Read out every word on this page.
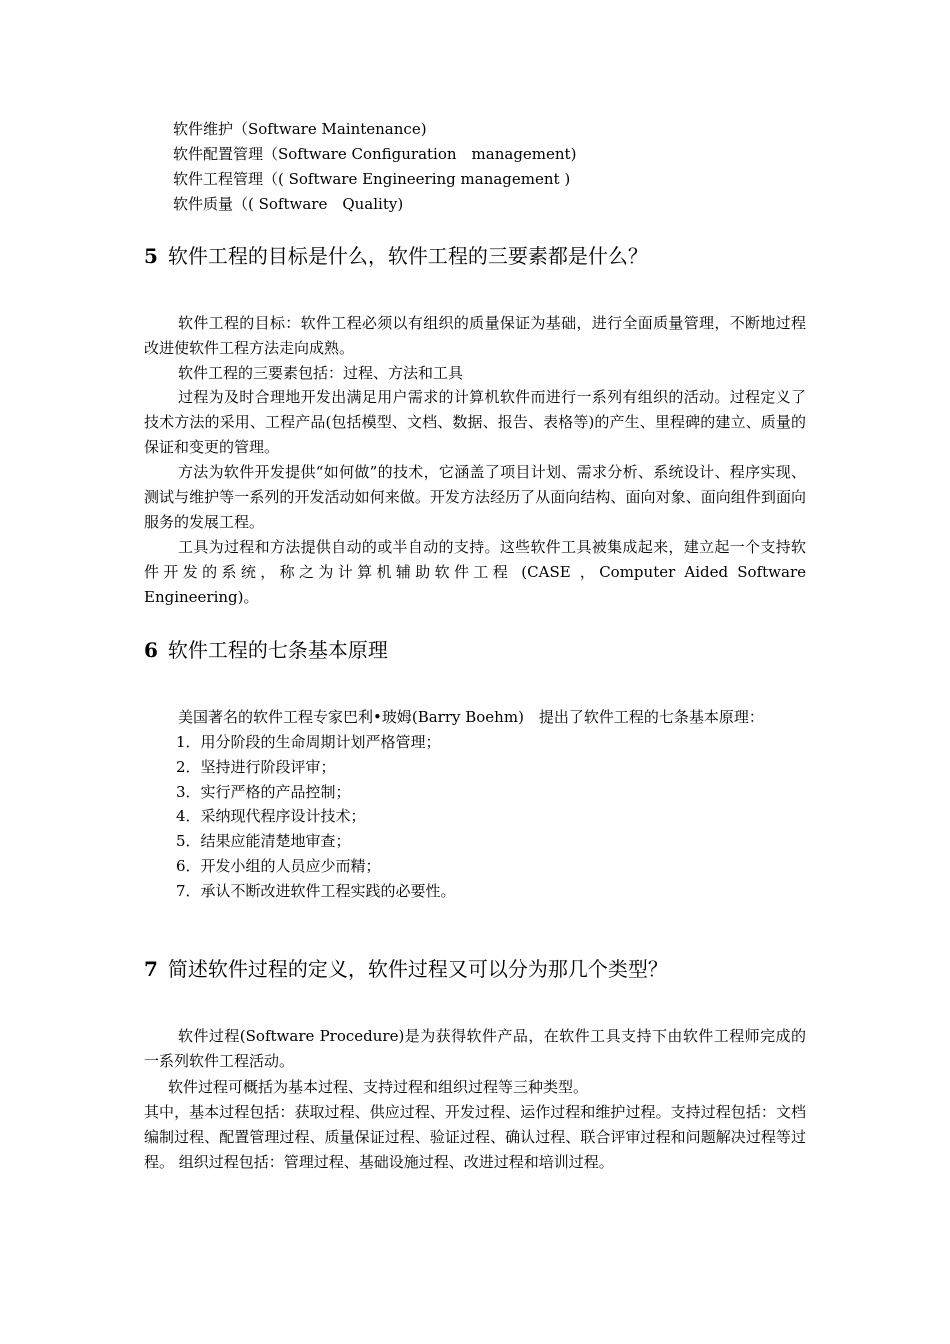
软件维护（Software Maintenance)
软件配置管理（Software Configuration　management)
软件工程管理（( Software Engineering management )
软件质量（( Software　Quality)
5 软件工程的目标是什么，软件工程的三要素都是什么？
软件工程的目标：软件工程必须以有组织的质量保证为基础，进行全面质量管理，不断地过程改进使软件工程方法走向成熟。
软件工程的三要素包括：过程、方法和工具
过程为及时合理地开发出满足用户需求的计算机软件而进行一系列有组织的活动。过程定义了技术方法的采用、工程产品(包括模型、文档、数据、报告、表格等)的产生、里程碑的建立、质量的保证和变更的管理。
方法为软件开发提供“如何做”的技术，它涵盖了项目计划、需求分析、系统设计、程序实现、测试与维护等一系列的开发活动如何来做。开发方法经历了从面向结构、面向对象、面向组件到面向服务的发展工程。
工具为过程和方法提供自动的或半自动的支持。这些软件工具被集成起来，建立起一个支持软件开发的系统，称之为计算机辅助软件工程 (CASE ，Computer Aided Software Engineering)。
6 软件工程的七条基本原理
美国著名的软件工程专家巴利•玻姆(Barry Boehm)　提出了软件工程的七条基本原理：
1．用分阶段的生命周期计划严格管理；
2．坚持进行阶段评审；
3．实行严格的产品控制；
4．采纳现代程序设计技术；
5．结果应能清楚地审查；
6．开发小组的人员应少而精；
7．承认不断改进软件工程实践的必要性。
7 简述软件过程的定义，软件过程又可以分为那几个类型？
软件过程(Software Procedure)是为获得软件产品，在软件工具支持下由软件工程师完成的一系列软件工程活动。
软件过程可概括为基本过程、支持过程和组织过程等三种类型。
其中，基本过程包括：获取过程、供应过程、开发过程、运作过程和维护过程。支持过程包括：文档编制过程、配置管理过程、质量保证过程、验证过程、确认过程、联合评审过程和问题解决过程等过程。 组织过程包括：管理过程、基础设施过程、改进过程和培训过程。
